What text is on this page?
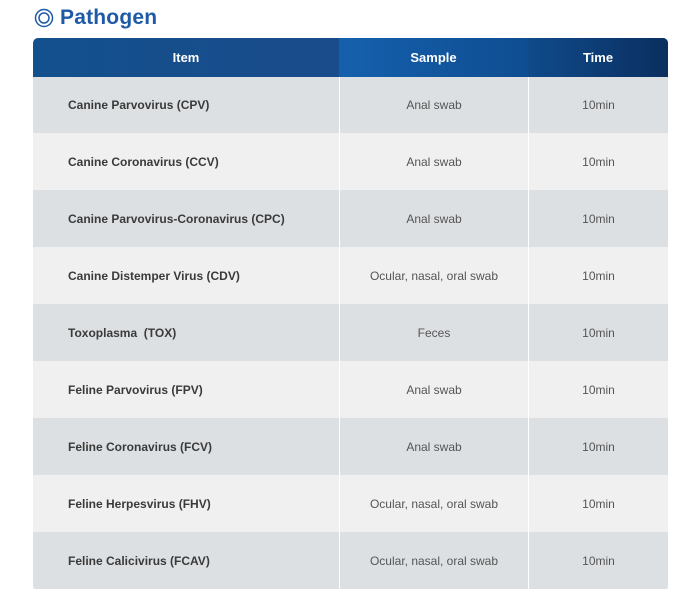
Pathogen
Item	Sample	Time
Canine Parvovirus (CPV)	Anal swab	10min
Canine Coronavirus (CCV)	Anal swab	10min
Canine Parvovirus-Coronavirus (CPC)	Anal swab	10min
Canine Distemper Virus (CDV)	Ocular, nasal, oral swab	10min
Toxoplasma  (TOX)	Feces	10min
Feline Parvovirus (FPV)	Anal swab	10min
Feline Coronavirus (FCV)	Anal swab	10min
Feline Herpesvirus (FHV)	Ocular, nasal, oral swab	10min
Feline Calicivirus (FCAV)	Ocular, nasal, oral swab	10min
